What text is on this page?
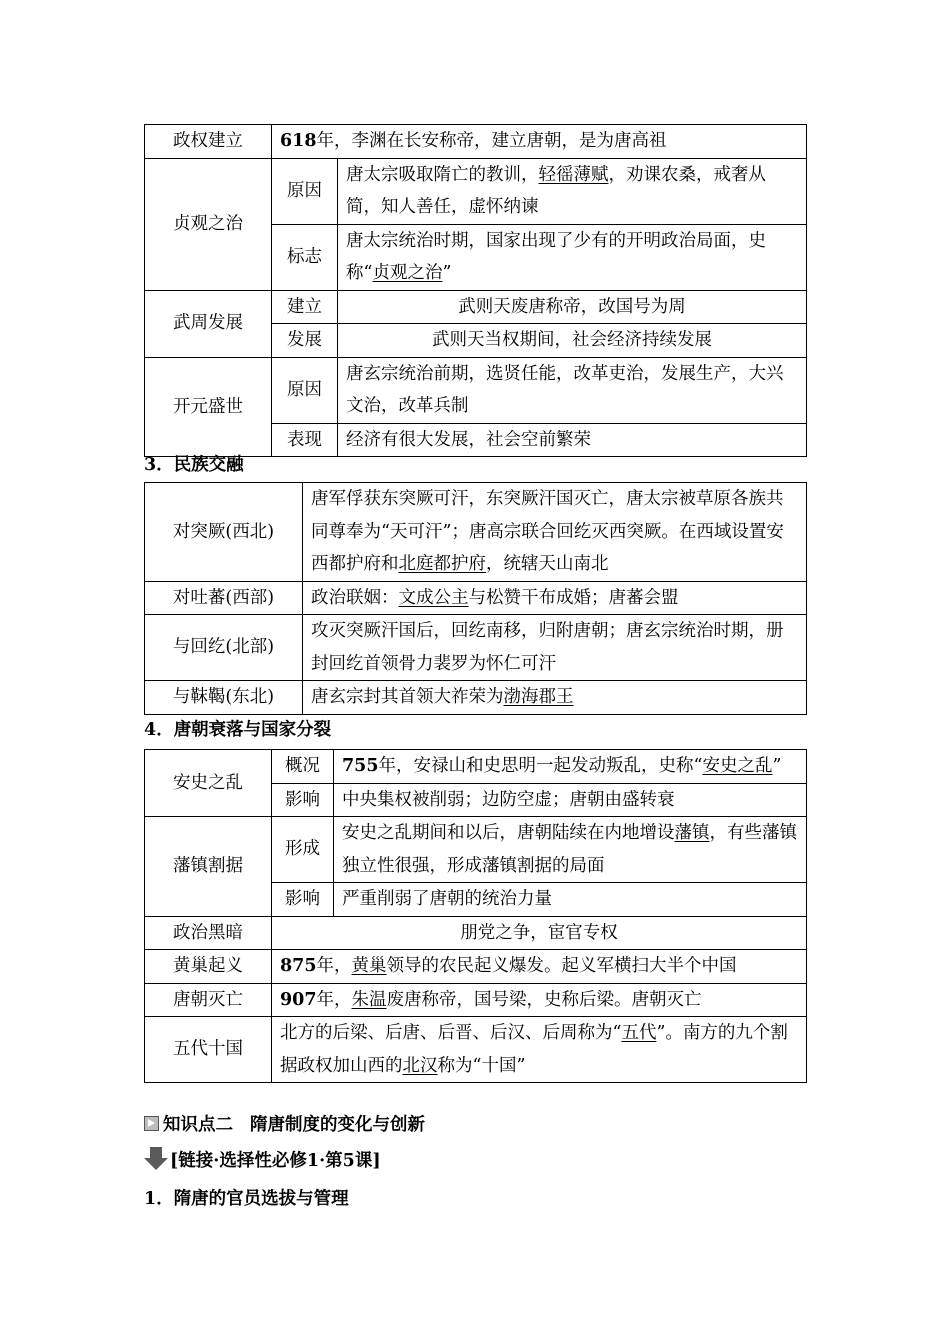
政权建立	618年，李渊在长安称帝，建立唐朝，是为唐高祖	
贞观之治	原因	唐太宗吸取隋亡的教训，轻徭薄赋，劝课农桑，戒奢从简，知人善任，虚怀纳谏
	标志	唐太宗统治时期，国家出现了少有的开明政治局面，史称“贞观之治”
武周发展	建立	武则天废唐称帝，改国号为周
	发展	武则天当权期间，社会经济持续发展
开元盛世	原因	唐玄宗统治前期，选贤任能，改革吏治，发展生产，大兴文治，改革兵制
	表现	经济有很大发展，社会空前繁荣
3．民族交融
对突厥(西北)	唐军俘获东突厥可汗，东突厥汗国灭亡，唐太宗被草原各族共同尊奉为“天可汗”；唐高宗联合回纥灭西突厥。在西域设置安西都护府和北庭都护府，统辖天山南北
对吐蕃(西部)	政治联姻：文成公主与松赞干布成婚；唐蕃会盟
与回纥(北部)	攻灭突厥汗国后，回纥南移，归附唐朝；唐玄宗统治时期，册封回纥首领骨力裴罗为怀仁可汗
与靺鞨(东北)	唐玄宗封其首领大祚荣为渤海郡王
4．唐朝衰落与国家分裂
安史之乱	概况	755年，安禄山和史思明一起发动叛乱，史称“安史之乱”
	影响	中央集权被削弱；边防空虚；唐朝由盛转衰
藩镇割据	形成	安史之乱期间和以后，唐朝陆续在内地增设藩镇，有些藩镇独立性很强，形成藩镇割据的局面
	影响	严重削弱了唐朝的统治力量
政治黑暗	朋党之争，宦官专权	
黄巢起义	875年，黄巢领导的农民起义爆发。起义军横扫大半个中国	
唐朝灭亡	907年，朱温废唐称帝，国号梁，史称后梁。唐朝灭亡	
五代十国	北方的后梁、后唐、后晋、后汉、后周称为“五代”。南方的九个割据政权加山西的北汉称为“十国”	
知识点二 隋唐制度的变化与创新
[链接·选择性必修1·第5课]
1．隋唐的官员选拔与管理
